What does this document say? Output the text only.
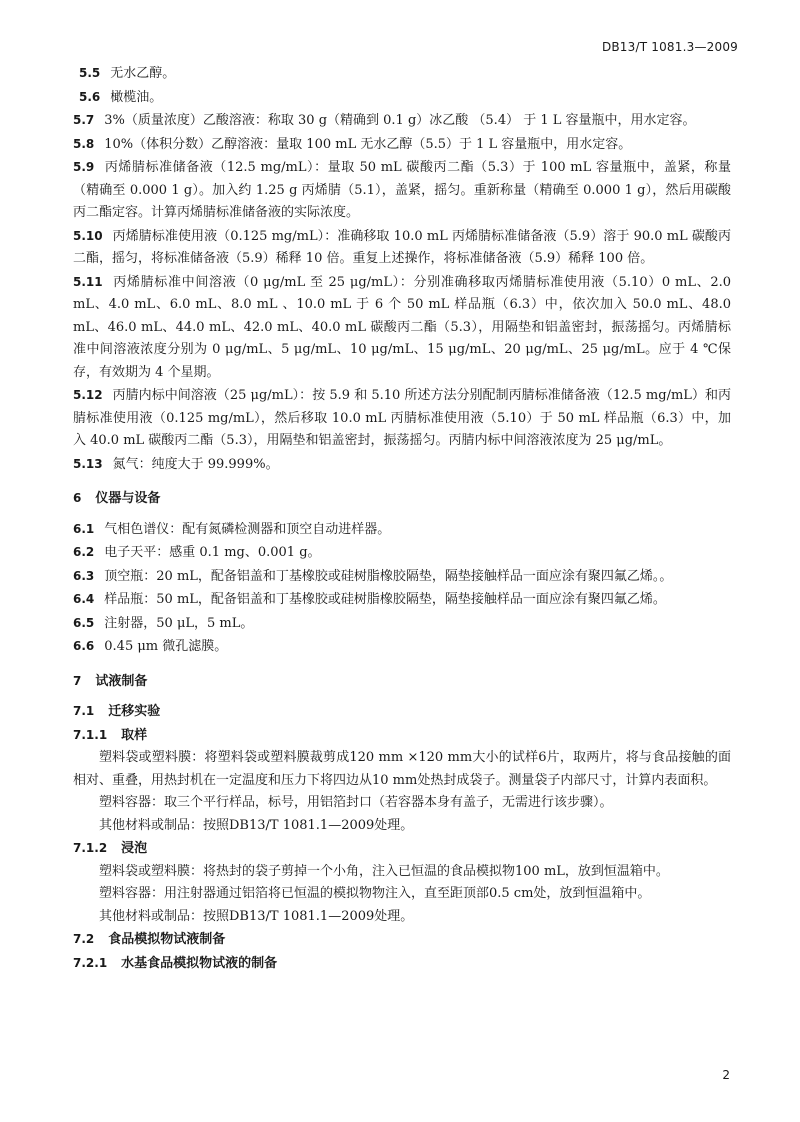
DB13/T 1081.3—2009

5.5 无水乙醇。

5.6 橄榄油。

5.7 3%（质量浓度）乙酸溶液：称取 30 g（精确到 0.1 g）冰乙酸 （5.4） 于 1 L 容量瓶中，用水定容。

5.8 10%（体积分数）乙醇溶液：量取 100 mL 无水乙醇（5.5）于 1 L 容量瓶中，用水定容。

5.9 丙烯腈标准储备液（12.5 mg/mL）：量取 50 mL 碳酸丙二酯（5.3）于 100 mL 容量瓶中，盖紧，称量（精确至 0.000 1 g）。加入约 1.25 g 丙烯腈（5.1），盖紧，摇匀。重新称量（精确至 0.000 1 g），然后用碳酸丙二酯定容。计算丙烯腈标准储备液的实际浓度。

5.10 丙烯腈标准使用液（0.125 mg/mL）：准确移取 10.0 mL 丙烯腈标准储备液（5.9）溶于 90.0 mL 碳酸丙二酯，摇匀，将标准储备液（5.9）稀释 10 倍。重复上述操作，将标准储备液（5.9）稀释 100 倍。

5.11 丙烯腈标准中间溶液（0 μg/mL 至 25 μg/mL）：分别准确移取丙烯腈标准使用液（5.10）0 mL、2.0 mL、4.0 mL、6.0 mL、8.0 mL 、10.0 mL 于 6 个 50 mL 样品瓶（6.3）中，依次加入 50.0 mL、48.0 mL、46.0 mL、44.0 mL、42.0 mL、40.0 mL 碳酸丙二酯（5.3），用隔垫和铝盖密封，振荡摇匀。丙烯腈标准中间溶液浓度分别为 0 μg/mL、5 μg/mL、10 μg/mL、15 μg/mL、20 μg/mL、25 μg/mL。应于 4 ℃保存，有效期为 4 个星期。

5.12 丙腈内标中间溶液（25 μg/mL）：按 5.9 和 5.10 所述方法分别配制丙腈标准储备液（12.5 mg/mL）和丙腈标准使用液（0.125 mg/mL），然后移取 10.0 mL 丙腈标准使用液（5.10）于 50 mL 样品瓶（6.3）中，加入 40.0 mL 碳酸丙二酯（5.3），用隔垫和铝盖密封，振荡摇匀。丙腈内标中间溶液浓度为 25 μg/mL。

5.13 氮气：纯度大于 99.999%。

6 仪器与设备

6.1 气相色谱仪：配有氮磷检测器和顶空自动进样器。

6.2 电子天平：感重 0.1 mg、0.001 g。

6.3 顶空瓶：20 mL，配备铝盖和丁基橡胶或硅树脂橡胶隔垫，隔垫接触样品一面应涂有聚四氟乙烯。。

6.4 样品瓶：50 mL，配备铝盖和丁基橡胶或硅树脂橡胶隔垫，隔垫接触样品一面应涂有聚四氟乙烯。

6.5 注射器，50 μL，5 mL。

6.6 0.45 μm 微孔滤膜。

7 试液制备
7.1 迁移实验
7.1.1 取样

塑料袋或塑料膜：将塑料袋或塑料膜裁剪成120 mm ×120 mm大小的试样6片，取两片，将与食品接触的面相对、重叠，用热封机在一定温度和压力下将四边从10 mm处热封成袋子。测量袋子内部尺寸，计算内表面积。

塑料容器：取三个平行样品，标号，用铝箔封口（若容器本身有盖子，无需进行该步骤）。

其他材料或制品：按照DB13/T 1081.1—2009处理。

7.1.2 浸泡

塑料袋或塑料膜：将热封的袋子剪掉一个小角，注入已恒温的食品模拟物100 mL，放到恒温箱中。

塑料容器：用注射器通过铝箔将已恒温的模拟物物注入，直至距顶部0.5 cm处，放到恒温箱中。

其他材料或制品：按照DB13/T 1081.1—2009处理。

7.2 食品模拟物试液制备
7.2.1 水基食品模拟物试液的制备
2
